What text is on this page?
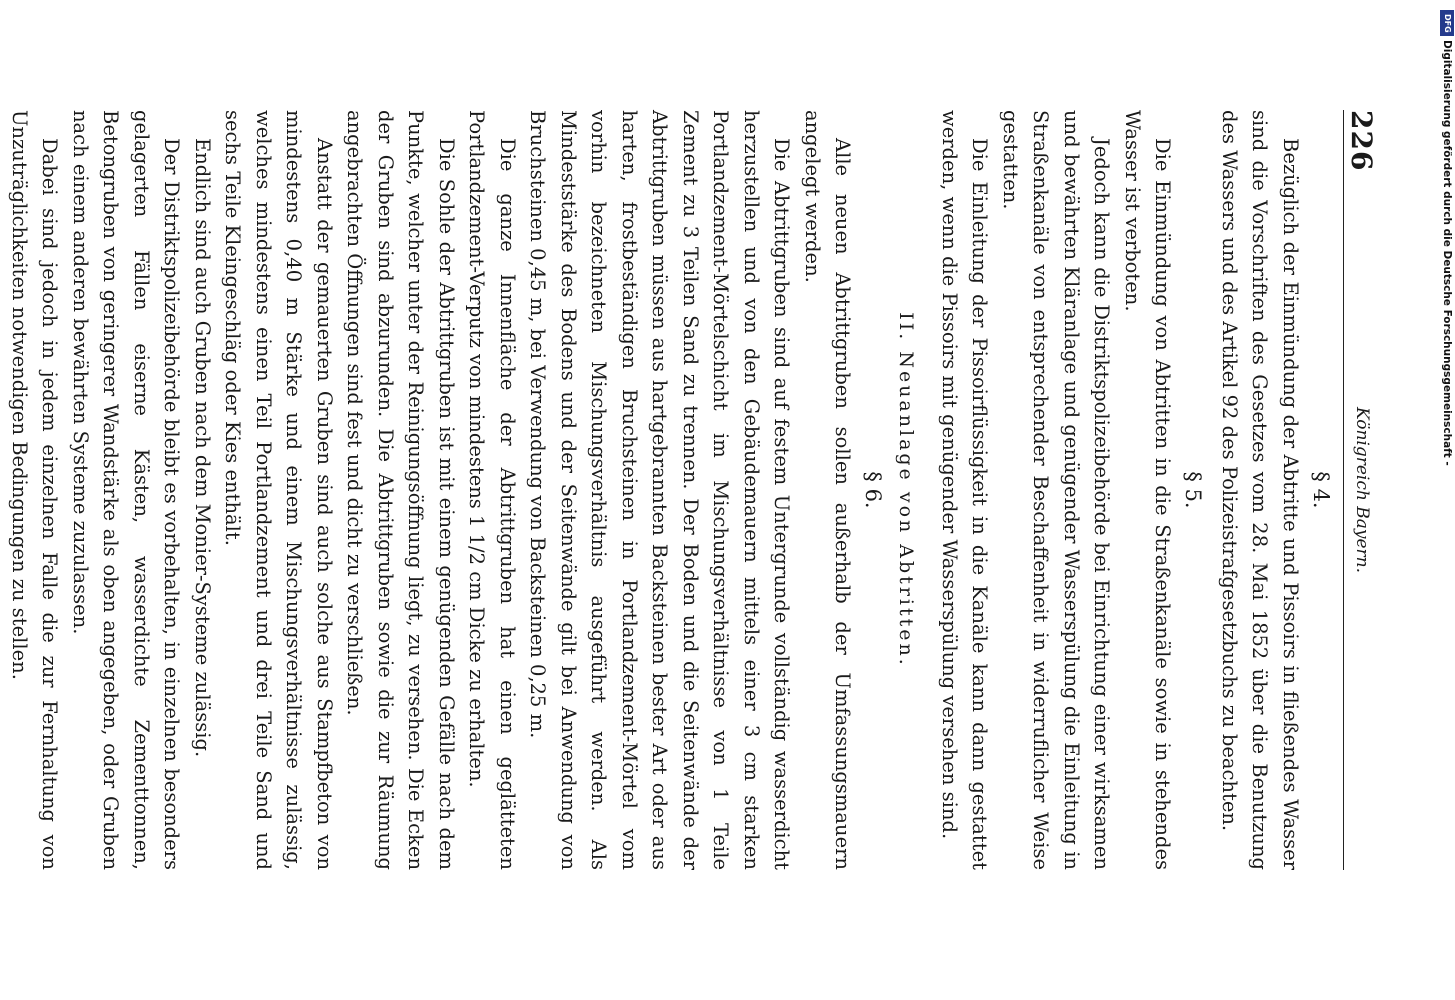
226
Königreich Bayern.
§ 4.

Bezüglich der Einmündung der Abtritte und Pissoirs in fließendes Wasser sind die Vorschriften des Gesetzes vom 28. Mai 1852 über die Benutzung des Wassers und des Artikel 92 des Polizeistrafgesetzbuchs zu beachten.

§ 5.

Die Einmündung von Abtritten in die Straßenkanäle sowie in stehendes Wasser ist verboten.

Jedoch kann die Distriktspolizeibehörde bei Einrichtung einer wirksamen und bewährten Kläranlage und genügender Wasserspülung die Einleitung in Straßenkanäle von entsprechender Beschaffenheit in widerruflicher Weise gestatten.

Die Einleitung der Pissoirflüssigkeit in die Kanäle kann dann gestattet werden, wenn die Pissoirs mit genügender Wasserspülung versehen sind.

II. Neuanlage von Abtritten.
§ 6.

Alle neuen Abtrittgruben sollen außerhalb der Umfassungsmauern angelegt werden.

Die Abtrittgruben sind auf festem Untergrunde vollständig wasserdicht herzustellen und von den Gebäudemauern mittels einer 3 cm starken Portlandzement-Mörtelschicht im Mischungsverhältnisse von 1 Teile Zement zu 3 Teilen Sand zu trennen. Der Boden und die Seitenwände der Abtrittgruben müssen aus hartgebrannten Backsteinen bester Art oder aus harten, frostbeständigen Bruchsteinen in Portlandzement-Mörtel vom vorhin bezeichneten Mischungsverhältnis ausgeführt werden. Als Mindeststärke des Bodens und der Seitenwände gilt bei Anwendung von Bruchsteinen 0,45 m, bei Verwendung von Backsteinen 0,25 m.

Die ganze Innenfläche der Abtrittgruben hat einen geglätteten Portlandzement-Verputz von mindestens 1 1/2 cm Dicke zu erhalten.

Die Sohle der Abtrittgruben ist mit einem genügenden Gefälle nach dem Punkte, welcher unter der Reinigungsöffnung liegt, zu versehen. Die Ecken der Gruben sind abzurunden. Die Abtrittgruben sowie die zur Räumung angebrachten Öffnungen sind fest und dicht zu verschließen.

Anstatt der gemauerten Gruben sind auch solche aus Stampfbeton von mindestens 0,40 m Stärke und einem Mischungsverhältnisse zulässig, welches mindestens einen Teil Portlandzement und drei Teile Sand und sechs Teile Kleingeschläg oder Kies enthält.

Endlich sind auch Gruben nach dem Monier-Systeme zulässig.

Der Distriktspolizeibehörde bleibt es vorbehalten, in einzelnen besonders gelagerten Fällen eiserne Kästen, wasserdichte Zementtonnen, Betongruben von geringerer Wandstärke als oben angegeben, oder Gruben nach einem anderen bewährten Systeme zuzulassen.

Dabei sind jedoch in jedem einzelnen Falle die zur Fernhaltung von Unzuträglichkeiten notwendigen Bedingungen zu stellen.

DFG
Digitalisierung gefördert durch die Deutsche Forschungsgemeinschaft -
